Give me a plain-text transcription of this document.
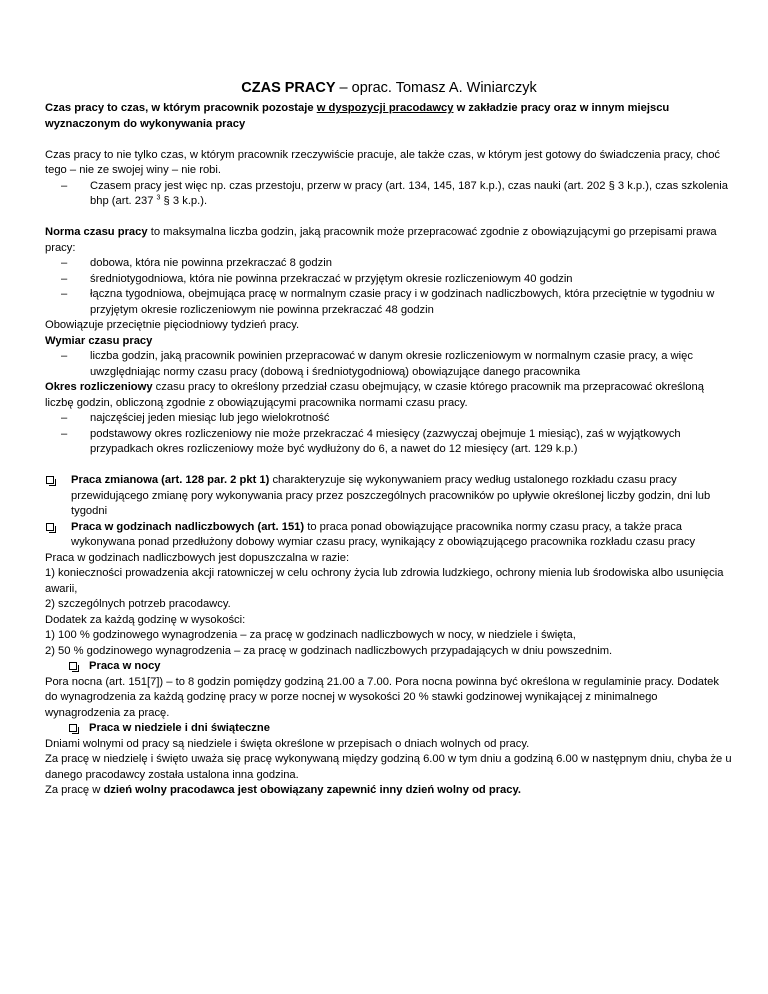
CZAS PRACY – oprac. Tomasz A. Winiarczyk

Czas pracy to czas, w którym pracownik pozostaje w dyspozycji pracodawcy w zakładzie pracy oraz w innym miejscu wyznaczonym do wykonywania pracy

Czas pracy to nie tylko czas, w którym pracownik rzeczywiście pracuje, ale także czas, w którym jest gotowy do świadczenia pracy, choć tego – nie ze swojej winy – nie robi.

– Czasem pracy jest więc np. czas przestoju, przerw w pracy (art. 134, 145, 187 k.p.), czas nauki (art. 202 § 3 k.p.), czas szkolenia bhp (art. 237 $^3$ § 3 k.p.).

Norma czasu pracy to maksymalna liczba godzin, jaką pracownik może przepracować zgodnie z obowiązującymi go przepisami prawa pracy:

– dobowa, która nie powinna przekraczać 8 godzin
– średniotygodniowa, która nie powinna przekraczać w przyjętym okresie rozliczeniowym 40 godzin
– łączna tygodniowa, obejmująca pracę w normalnym czasie pracy i w godzinach nadliczbowych, która przeciętnie w tygodniu w przyjętym okresie rozliczeniowym nie powinna przekraczać 48 godzin

Obowiązuje przeciętnie pięciodniowy tydzień pracy.

Wymiar czasu pracy

– liczba godzin, jaką pracownik powinien przepracować w danym okresie rozliczeniowym w normalnym czasie pracy, a więc uwzględniając normy czasu pracy (dobową i średniotygodniową) obowiązujące danego pracownika

Okres rozliczeniowy czasu pracy to określony przedział czasu obejmujący, w czasie którego pracownik ma przepracować określoną liczbę godzin, obliczoną zgodnie z obowiązującymi pracownika normami czasu pracy.

– najczęściej jeden miesiąc lub jego wielokrotność
– podstawowy okres rozliczeniowy nie może przekraczać 4 miesięcy (zazwyczaj obejmuje 1 miesiąc), zaś w wyjątkowych przypadkach okres rozliczeniowy może być wydłużony do 6, a nawet do 12 miesięcy (art. 129 k.p.)
Praca zmianowa (art. 128 par. 2 pkt 1) charakteryzuje się wykonywaniem pracy według ustalonego rozkładu czasu pracy przewidującego zmianę pory wykonywania pracy przez poszczególnych pracowników po upływie określonej liczby godzin, dni lub tygodni
Praca w godzinach nadliczbowych (art. 151) to praca ponad obowiązujące pracownika normy czasu pracy, a także praca wykonywana ponad przedłużony dobowy wymiar czasu pracy, wynikający z obowiązującego pracownika rozkładu czasu pracy

Praca w godzinach nadliczbowych jest dopuszczalna w razie:

1) konieczności prowadzenia akcji ratowniczej w celu ochrony życia lub zdrowia ludzkiego, ochrony mienia lub środowiska albo usunięcia awarii,

2) szczególnych potrzeb pracodawcy.

Dodatek za każdą godzinę w wysokości:

1) 100 % godzinowego wynagrodzenia – za pracę w godzinach nadliczbowych w nocy, w niedziele i święta,

2) 50 % godzinowego wynagrodzenia – za pracę w godzinach nadliczbowych przypadających w dniu powszednim.

Praca w nocy

Pora nocna (art. 151[7]) – to 8 godzin pomiędzy godziną 21.00 a 7.00. Pora nocna powinna być określona w regulaminie pracy. Dodatek do wynagrodzenia za każdą godzinę pracy w porze nocnej w wysokości 20 % stawki godzinowej wynikającej z minimalnego wynagrodzenia za pracę.

Praca w niedziele i dni świąteczne

Dniami wolnymi od pracy są niedziele i święta określone w przepisach o dniach wolnych od pracy.

Za pracę w niedzielę i święto uważa się pracę wykonywaną między godziną 6.00 w tym dniu a godziną 6.00 w następnym dniu, chyba że u danego pracodawcy została ustalona inna godzina.

Za pracę w dzień wolny pracodawca jest obowiązany zapewnić inny dzień wolny od pracy.
